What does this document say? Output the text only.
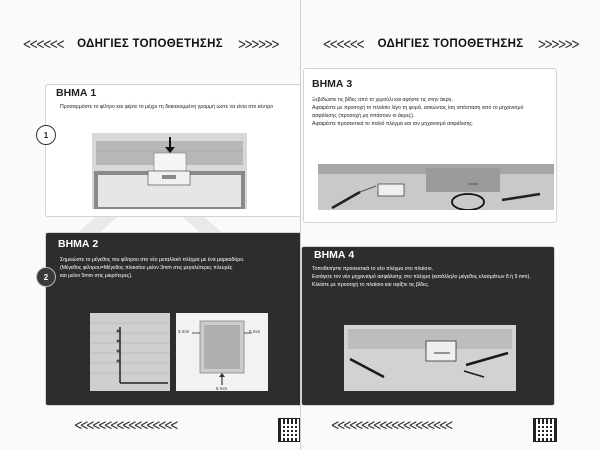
<<<<<< ΟΔΗΓΙΕΣ ΤΟΠΟΘΕΤΗΣΗΣ >>>>>>
ΒΗΜΑ 1
Προσαρμόστε το φίλτρο και φέρτε το μέχρι τη διακεκομμένη γραμμή ώστε να είναι στο κέντρο
1
ΒΗΜΑ 2
Σημειώστε το μέγεθος του φίλτρου στο νέο μεταλλικό πλέγμα με ένα μαρκαδόρο.
(Μέγεθος φίλτρου=Μέγεθος πλαισίου μείον 3mm στις μεγαλύτερες πλευρές
και μείον 5mm στις μικρότερες).
3 mm	5 mm
5 mm
2
<<<<<<<<<<<<<<<<<
<<<<<< ΟΔΗΓΙΕΣ ΤΟΠΟΘΕΤΗΣΗΣ >>>>>>
ΒΗΜΑ 3
Ξεβιδώστε τις βίδες από το χερούλι και αφήστε τις στην άκρη.
Αφαιρέστε με προσοχή το πλαίσιο λίγο τη φορά, ασκώντας ίση απόσταση από το μηχανισμό
ασφάλισης (προσοχή μη σπάσουν οι άκρες).
Αφαιρέστε προσεκτικά το παλιό πλέγμα και τον μηχανισμό ασφάλισης.
ΒΗΜΑ 4
Τοποθετήστε προσεκτικά το νέο πλέγμα στο πλαίσιο.
Εισάγετε τον νέο μηχανισμό ασφάλισης στο πλέγμα (κατάλληλο μέγεθος ελασμάτων 8 ή 9 mm).
Κλείστε με προσοχή το πλαίσιο και σφίξτε τις βίδες.
<<<<<<<<<<<<<<<<<<<<
